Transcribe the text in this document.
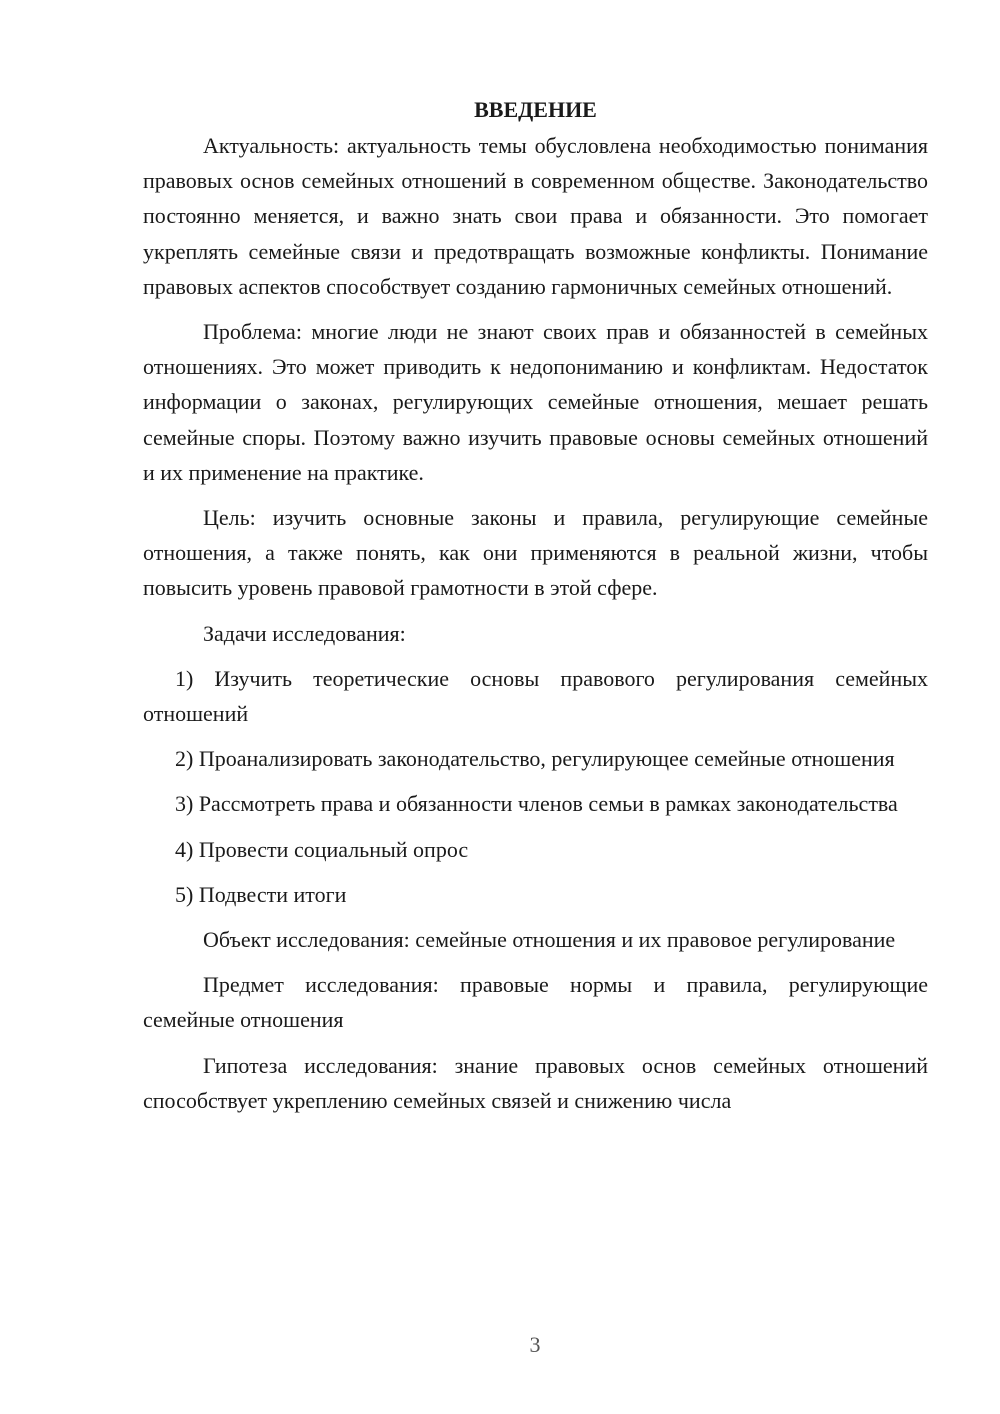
ВВЕДЕНИЕ

Актуальность: актуальность темы обусловлена необходимостью понимания правовых основ семейных отношений в современном обществе. Законодательство постоянно меняется, и важно знать свои права и обязанности. Это помогает укреплять семейные связи и предотвращать возможные конфликты. Понимание правовых аспектов способствует созданию гармоничных семейных отношений.

Проблема: многие люди не знают своих прав и обязанностей в семейных отношениях. Это может приводить к недопониманию и конфликтам. Недостаток информации о законах, регулирующих семейные отношения, мешает решать семейные споры. Поэтому важно изучить правовые основы семейных отношений и их применение на практике.

Цель: изучить основные законы и правила, регулирующие семейные отношения, а также понять, как они применяются в реальной жизни, чтобы повысить уровень правовой грамотности в этой сфере.

Задачи исследования:

1) Изучить теоретические основы правового регулирования семейных отношений

2) Проанализировать законодательство, регулирующее семейные отношения

3) Рассмотреть права и обязанности членов семьи в рамках законодательства

4) Провести социальный опрос

5) Подвести итоги

Объект исследования: семейные отношения и их правовое регулирование

Предмет исследования: правовые нормы и правила, регулирующие семейные отношения

Гипотеза исследования: знание правовых основ семейных отношений способствует укреплению семейных связей и снижению числа

3
